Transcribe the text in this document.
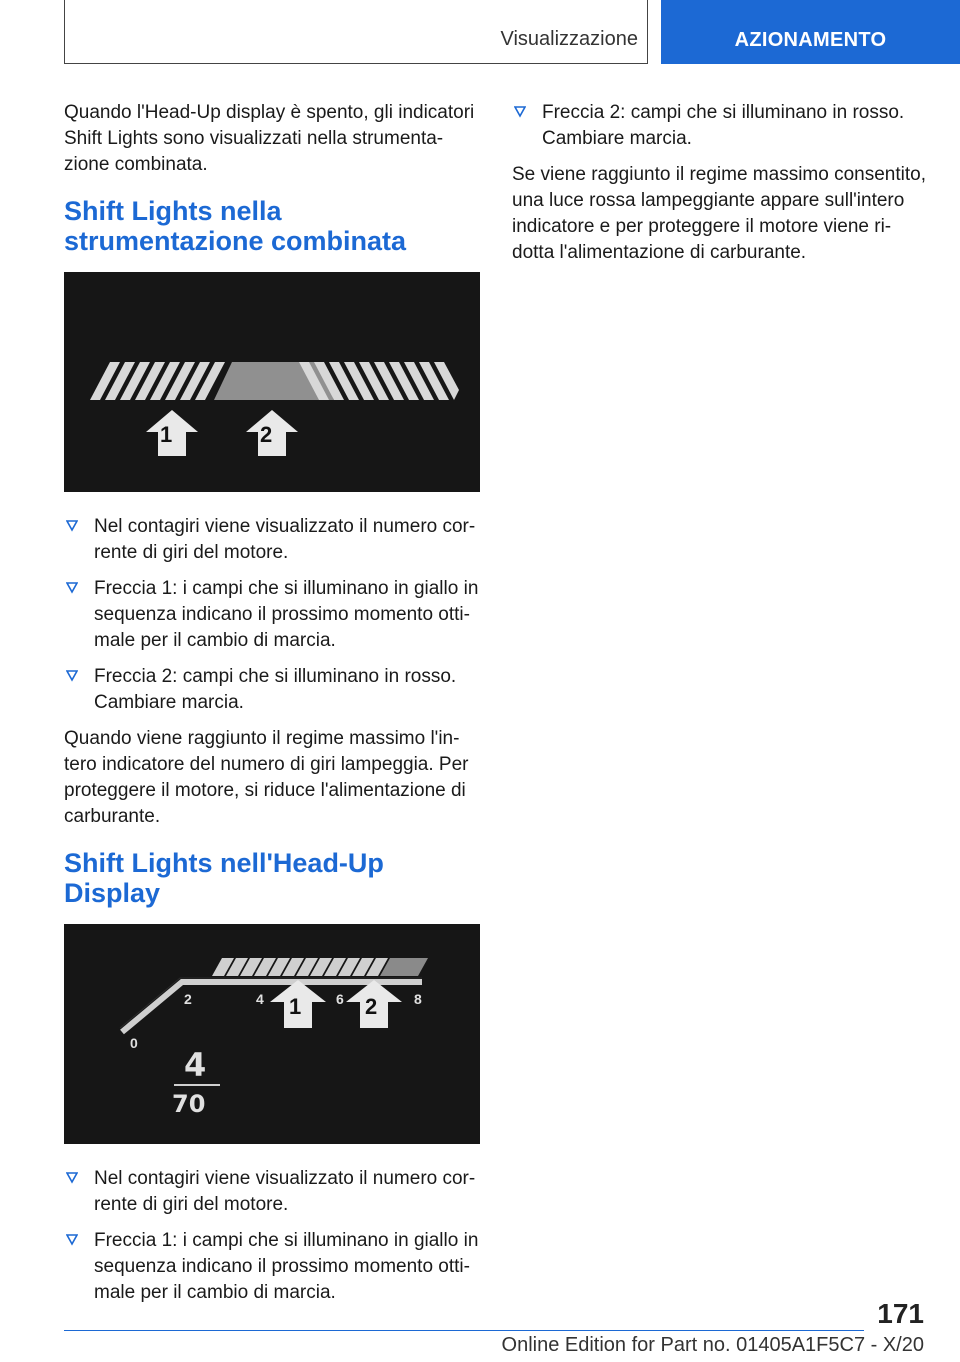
Visualizzazione	AZIONAMENTO

Quando l'Head-Up display è spento, gli indicatori Shift Lights sono visualizzati nella strumenta-zione combinata.

Shift Lights nella strumentazione combinata
1	2
Nel contagiri viene visualizzato il numero cor-rente di giri del motore.
Freccia 1: i campi che si illuminano in giallo in sequenza indicano il prossimo momento otti-male per il cambio di marcia.
Freccia 2: campi che si illuminano in rosso. Cambiare marcia.

Quando viene raggiunto il regime massimo l'in-tero indicatore del numero di giri lampeggia. Per proteggere il motore, si riduce l'alimentazione di carburante.

Shift Lights nell'Head-Up Display
0
2	4	6	8
1	2
4
70
Nel contagiri viene visualizzato il numero cor-rente di giri del motore.
Freccia 1: i campi che si illuminano in giallo in sequenza indicano il prossimo momento otti-male per il cambio di marcia.
Freccia 2: campi che si illuminano in rosso. Cambiare marcia.

Se viene raggiunto il regime massimo consentito, una luce rossa lampeggiante appare sull'intero indicatore e per proteggere il motore viene ri-dotta l'alimentazione di carburante.

171
Online Edition for Part no. 01405A1F5C7 - X/20
